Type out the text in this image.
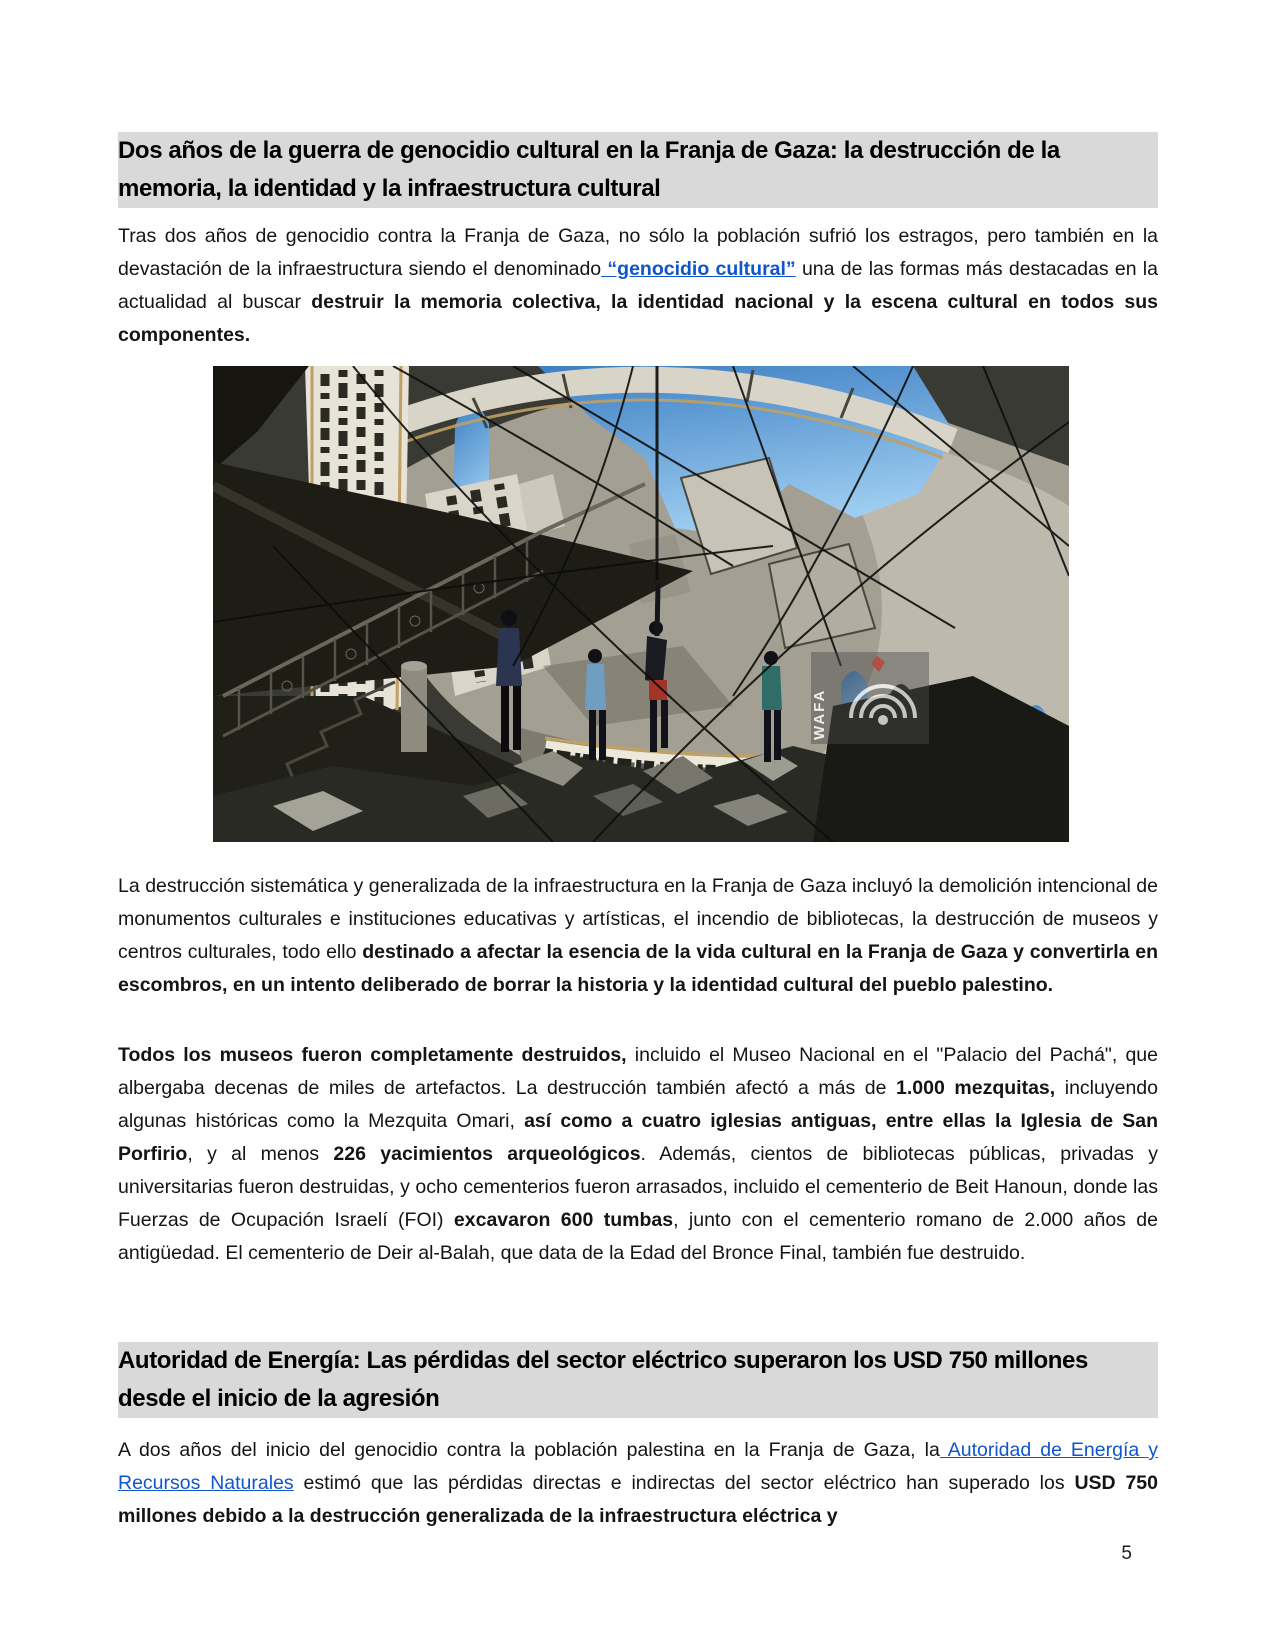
Dos años de la guerra de genocidio cultural en la Franja de Gaza: la destrucción de la memoria, la identidad y la infraestructura cultural

Tras dos años de genocidio contra la Franja de Gaza, no sólo la población sufrió los estragos, pero también en la devastación de la infraestructura siendo el denominado “genocidio cultural” una de las formas más destacadas en la actualidad al buscar destruir la memoria colectiva, la identidad nacional y la escena cultural en todos sus componentes.

WAFA

La destrucción sistemática y generalizada de la infraestructura en la Franja de Gaza incluyó la demolición intencional de monumentos culturales e instituciones educativas y artísticas, el incendio de bibliotecas, la destrucción de museos y centros culturales, todo ello destinado a afectar la esencia de la vida cultural en la Franja de Gaza y convertirla en escombros, en un intento deliberado de borrar la historia y la identidad cultural del pueblo palestino.

Todos los museos fueron completamente destruidos, incluido el Museo Nacional en el "Palacio del Pachá", que albergaba decenas de miles de artefactos. La destrucción también afectó a más de 1.000 mezquitas, incluyendo algunas históricas como la Mezquita Omari, así como a cuatro iglesias antiguas, entre ellas la Iglesia de San Porfirio, y al menos 226 yacimientos arqueológicos. Además, cientos de bibliotecas públicas, privadas y universitarias fueron destruidas, y ocho cementerios fueron arrasados, incluido el cementerio de Beit Hanoun, donde las Fuerzas de Ocupación Israelí (FOI) excavaron 600 tumbas, junto con el cementerio romano de 2.000 años de antigüedad. El cementerio de Deir al-Balah, que data de la Edad del Bronce Final, también fue destruido.

Autoridad de Energía: Las pérdidas del sector eléctrico superaron los USD 750 millones desde el inicio de la agresión

A dos años del inicio del genocidio contra la población palestina en la Franja de Gaza, la Autoridad de Energía y Recursos Naturales estimó que las pérdidas directas e indirectas del sector eléctrico han superado los USD 750 millones debido a la destrucción generalizada de la infraestructura eléctrica y

5
